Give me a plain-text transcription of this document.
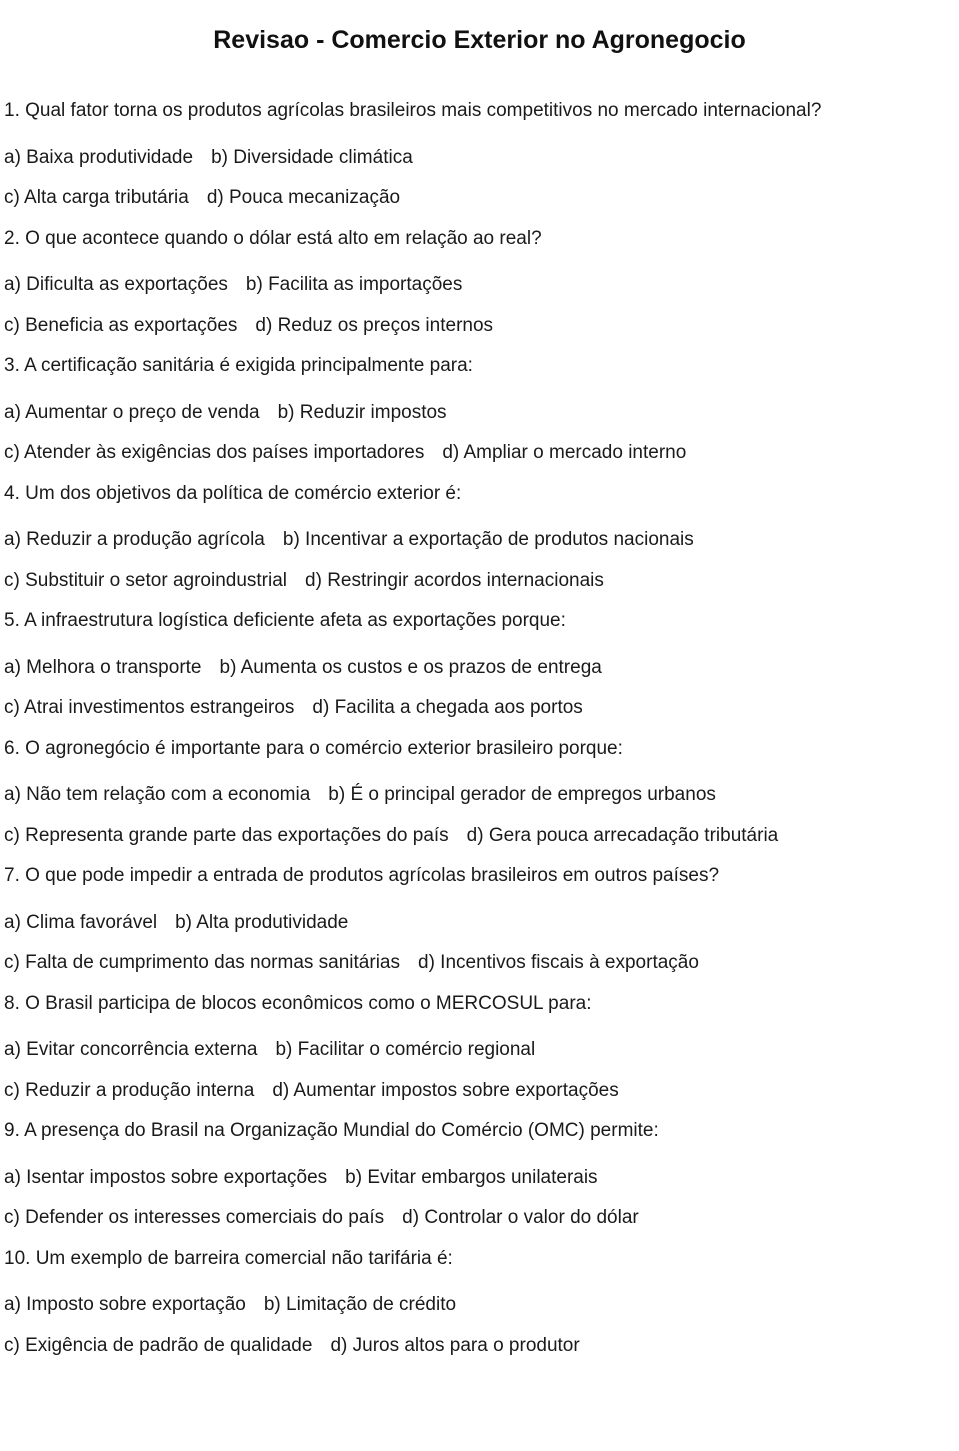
Revisao - Comercio Exterior no Agronegocio
1. Qual fator torna os produtos agrícolas brasileiros mais competitivos no mercado internacional?
a) Baixa produtividade b) Diversidade climática
c) Alta carga tributária d) Pouca mecanização
2. O que acontece quando o dólar está alto em relação ao real?
a) Dificulta as exportações b) Facilita as importações
c) Beneficia as exportações d) Reduz os preços internos
3. A certificação sanitária é exigida principalmente para:
a) Aumentar o preço de venda b) Reduzir impostos
c) Atender às exigências dos países importadores d) Ampliar o mercado interno
4. Um dos objetivos da política de comércio exterior é:
a) Reduzir a produção agrícola b) Incentivar a exportação de produtos nacionais
c) Substituir o setor agroindustrial d) Restringir acordos internacionais
5. A infraestrutura logística deficiente afeta as exportações porque:
a) Melhora o transporte b) Aumenta os custos e os prazos de entrega
c) Atrai investimentos estrangeiros d) Facilita a chegada aos portos
6. O agronegócio é importante para o comércio exterior brasileiro porque:
a) Não tem relação com a economia b) É o principal gerador de empregos urbanos
c) Representa grande parte das exportações do país d) Gera pouca arrecadação tributária
7. O que pode impedir a entrada de produtos agrícolas brasileiros em outros países?
a) Clima favorável b) Alta produtividade
c) Falta de cumprimento das normas sanitárias d) Incentivos fiscais à exportação
8. O Brasil participa de blocos econômicos como o MERCOSUL para:
a) Evitar concorrência externa b) Facilitar o comércio regional
c) Reduzir a produção interna d) Aumentar impostos sobre exportações
9. A presença do Brasil na Organização Mundial do Comércio (OMC) permite:
a) Isentar impostos sobre exportações b) Evitar embargos unilaterais
c) Defender os interesses comerciais do país d) Controlar o valor do dólar
10. Um exemplo de barreira comercial não tarifária é:
a) Imposto sobre exportação b) Limitação de crédito
c) Exigência de padrão de qualidade d) Juros altos para o produtor
